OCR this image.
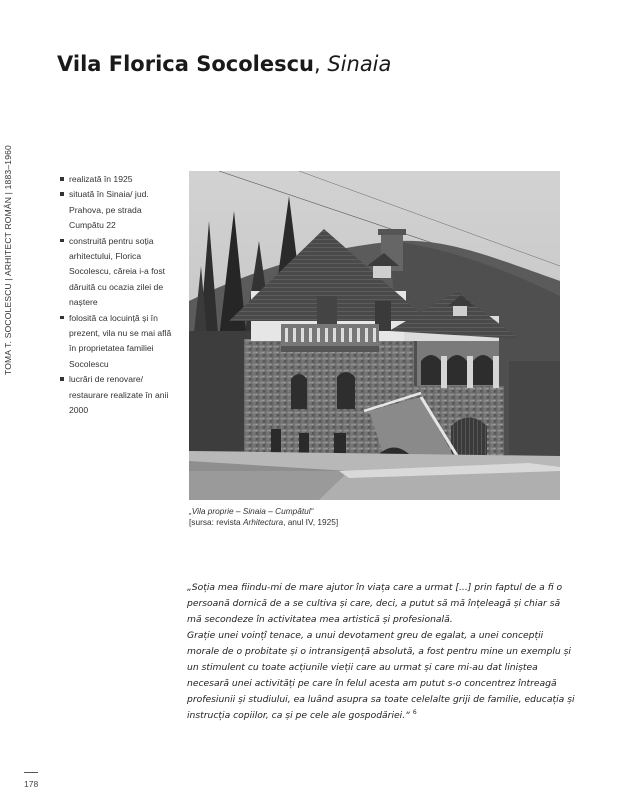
Vila Florica Socolescu, Sinaia
TOMA T. SOCOLESCU | ARHITECT ROMÂN | 1883–1960	realizată în 1925
situată în Sinaia/ jud. Prahova, pe strada Cumpătu 22
construită pentru soția arhitectului, Florica Socolescu, căreia i-a fost dăruită cu ocazia zilei de naștere
folosită ca locuință și în prezent, vila nu se mai află în proprietatea familiei Socolescu
lucrări de renovare/ restaurare realizate în anii 2000
„Vila proprie – Sinaia – Cumpătul“
[sursa: revista Arhitectura, anul IV, 1925]

„Soția mea fiindu-mi de mare ajutor în viața care a urmat [...] prin faptul de a fi o persoană dornică de a se cultiva și care, deci, a putut să mă înțeleagă și chiar să mă secondeze în activitatea mea artistică și profesională.

Grație unei voințî tenace, a unui devotament greu de egalat, a unei concepții morale de o probitate și o intransigență absolută, a fost pentru mine un exemplu și un stimulent cu toate acțiunile vieții care au urmat și care mi-au dat liniștea necesară unei activități pe care în felul acesta am putut s-o concentrez întreagă profesiunii și studiului, ea luând asupra sa toate celelalte griji de familie, educația și instrucția copiilor, ca și pe cele ale gospodăriei.“ $^6$

178
